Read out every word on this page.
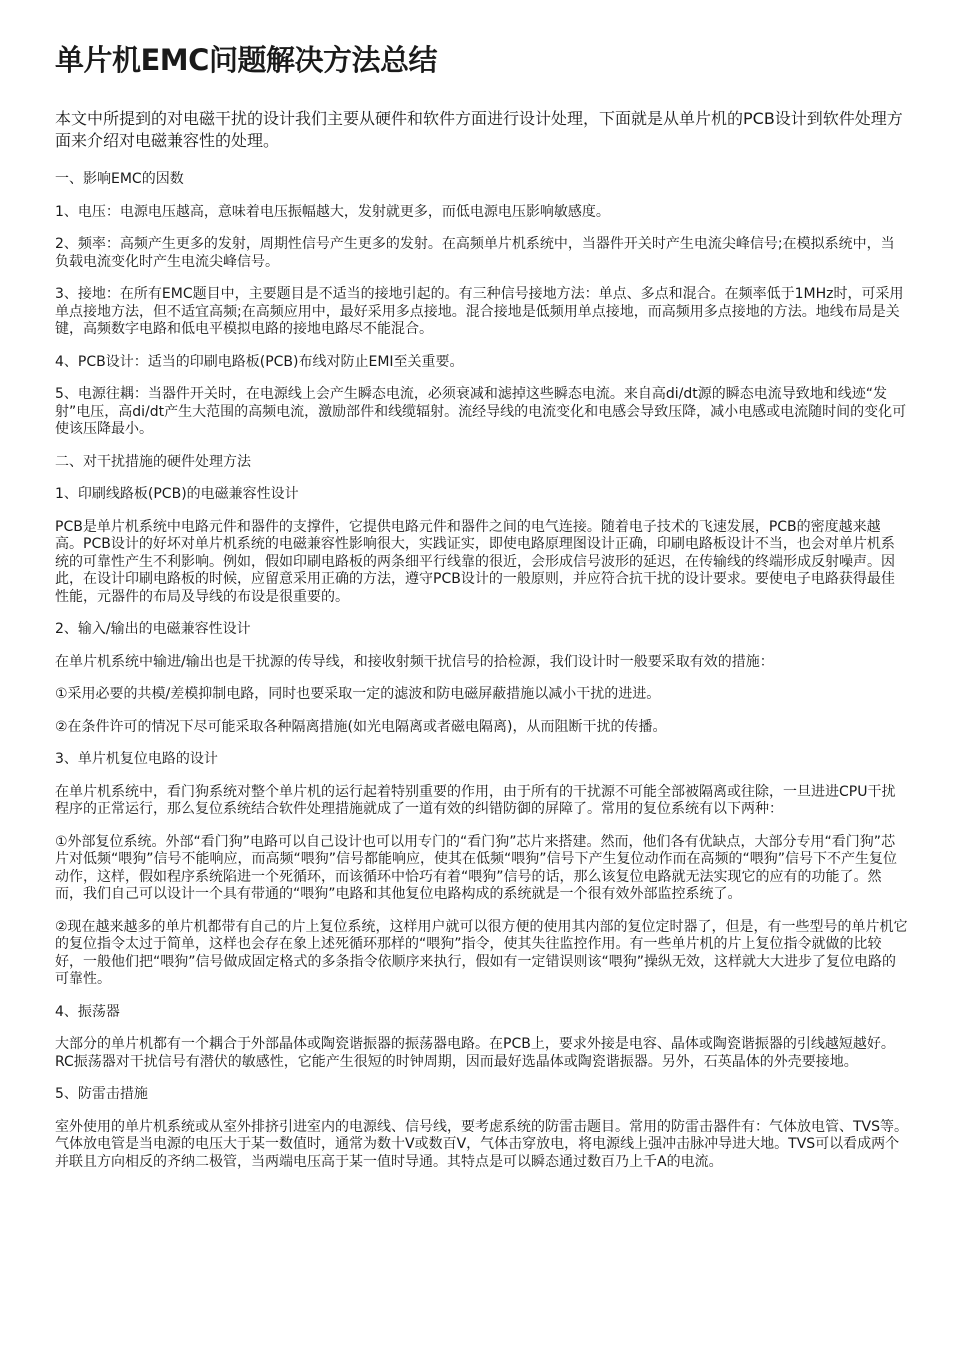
单片机EMC问题解决方法总结
本文中所提到的对电磁干扰的设计我们主要从硬件和软件方面进行设计处理，下面就是从单片机的PCB设计到软件处理方面来介绍对电磁兼容性的处理。

一、影响EMC的因数

1、电压：电源电压越高，意味着电压振幅越大，发射就更多，而低电源电压影响敏感度。

2、频率：高频产生更多的发射，周期性信号产生更多的发射。在高频单片机系统中，当器件开关时产生电流尖峰信号;在模拟系统中，当负载电流变化时产生电流尖峰信号。

3、接地：在所有EMC题目中，主要题目是不适当的接地引起的。有三种信号接地方法：单点、多点和混合。在频率低于1MHz时，可采用单点接地方法，但不适宜高频;在高频应用中，最好采用多点接地。混合接地是低频用单点接地，而高频用多点接地的方法。地线布局是关键，高频数字电路和低电平模拟电路的接地电路尽不能混合。

4、PCB设计：适当的印刷电路板(PCB)布线对防止EMI至关重要。

5、电源往耦：当器件开关时，在电源线上会产生瞬态电流，必须衰减和滤掉这些瞬态电流。来自高di/dt源的瞬态电流导致地和线迹“发射”电压，高di/dt产生大范围的高频电流，激励部件和线缆辐射。流经导线的电流变化和电感会导致压降，减小电感或电流随时间的变化可使该压降最小。

二、对干扰措施的硬件处理方法

1、印刷线路板(PCB)的电磁兼容性设计

PCB是单片机系统中电路元件和器件的支撑件，它提供电路元件和器件之间的电气连接。随着电子技术的飞速发展，PCB的密度越来越高。PCB设计的好坏对单片机系统的电磁兼容性影响很大，实践证实，即使电路原理图设计正确，印刷电路板设计不当，也会对单片机系统的可靠性产生不利影响。例如，假如印刷电路板的两条细平行线靠的很近，会形成信号波形的延迟，在传输线的终端形成反射噪声。因此，在设计印刷电路板的时候，应留意采用正确的方法，遵守PCB设计的一般原则，并应符合抗干扰的设计要求。要使电子电路获得最佳性能，元器件的布局及导线的布设是很重要的。

2、输入/输出的电磁兼容性设计

在单片机系统中输进/输出也是干扰源的传导线，和接收射频干扰信号的拾检源，我们设计时一般要采取有效的措施：

①采用必要的共模/差模抑制电路，同时也要采取一定的滤波和防电磁屏蔽措施以减小干扰的进进。

②在条件许可的情况下尽可能采取各种隔离措施(如光电隔离或者磁电隔离)，从而阻断干扰的传播。

3、单片机复位电路的设计

在单片机系统中，看门狗系统对整个单片机的运行起着特别重要的作用，由于所有的干扰源不可能全部被隔离或往除，一旦进进CPU干扰程序的正常运行，那么复位系统结合软件处理措施就成了一道有效的纠错防御的屏障了。常用的复位系统有以下两种：

①外部复位系统。外部“看门狗”电路可以自己设计也可以用专门的“看门狗”芯片来搭建。然而，他们各有优缺点，大部分专用“看门狗”芯片对低频“喂狗”信号不能响应，而高频“喂狗”信号都能响应，使其在低频“喂狗”信号下产生复位动作而在高频的“喂狗”信号下不产生复位动作，这样，假如程序系统陷进一个死循环，而该循环中恰巧有着“喂狗”信号的话，那么该复位电路就无法实现它的应有的功能了。然而，我们自己可以设计一个具有带通的“喂狗”电路和其他复位电路构成的系统就是一个很有效外部监控系统了。

②现在越来越多的单片机都带有自己的片上复位系统，这样用户就可以很方便的使用其内部的复位定时器了，但是，有一些型号的单片机它的复位指令太过于简单，这样也会存在象上述死循环那样的“喂狗”指令，使其失往监控作用。有一些单片机的片上复位指令就做的比较好，一般他们把“喂狗”信号做成固定格式的多条指令依顺序来执行，假如有一定错误则该“喂狗”操纵无效，这样就大大进步了复位电路的可靠性。

4、振荡器

大部分的单片机都有一个耦合于外部晶体或陶瓷谐振器的振荡器电路。在PCB上，要求外接是电容、晶体或陶瓷谐振器的引线越短越好。RC振荡器对干扰信号有潜伏的敏感性，它能产生很短的时钟周期，因而最好选晶体或陶瓷谐振器。另外，石英晶体的外壳要接地。

5、防雷击措施

室外使用的单片机系统或从室外排挤引进室内的电源线、信号线，要考虑系统的防雷击题目。常用的防雷击器件有：气体放电管、TVS等。气体放电管是当电源的电压大于某一数值时，通常为数十V或数百V，气体击穿放电，将电源线上强冲击脉冲导进大地。TVS可以看成两个并联且方向相反的齐纳二极管，当两端电压高于某一值时导通。其特点是可以瞬态通过数百乃上千A的电流。
